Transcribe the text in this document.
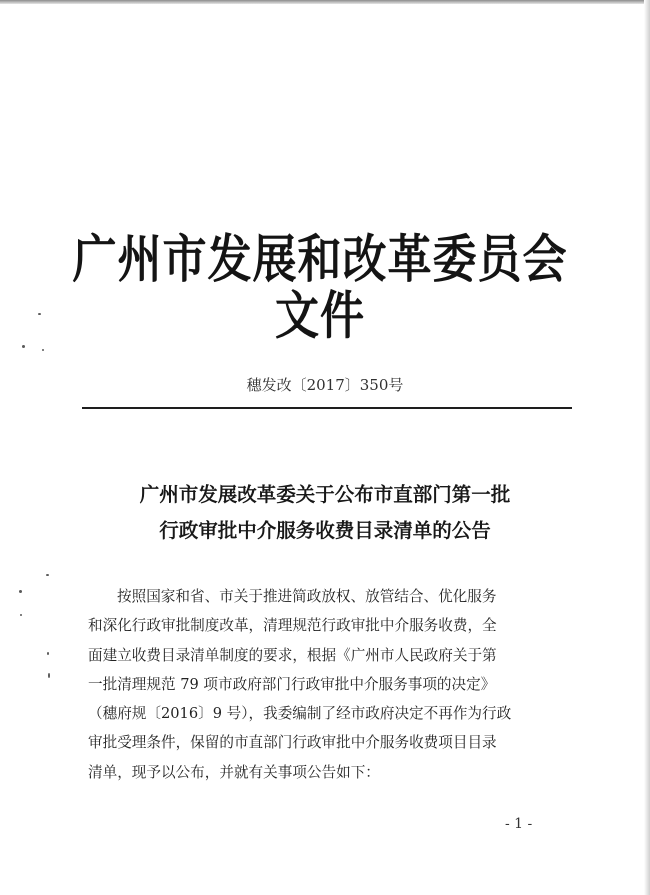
广州市发展和改革委员会文件
穗发改〔2017〕350号
广州市发展改革委关于公布市直部门第一批
行政审批中介服务收费目录清单的公告
按照国家和省、市关于推进简政放权、放管结合、优化服务
和深化行政审批制度改革，清理规范行政审批中介服务收费，全
面建立收费目录清单制度的要求，根据《广州市人民政府关于第
一批清理规范 79 项市政府部门行政审批中介服务事项的决定》
（穗府规〔2016〕9 号），我委编制了经市政府决定不再作为行政
审批受理条件，保留的市直部门行政审批中介服务收费项目目录
清单，现予以公布，并就有关事项公告如下：
- 1 -
